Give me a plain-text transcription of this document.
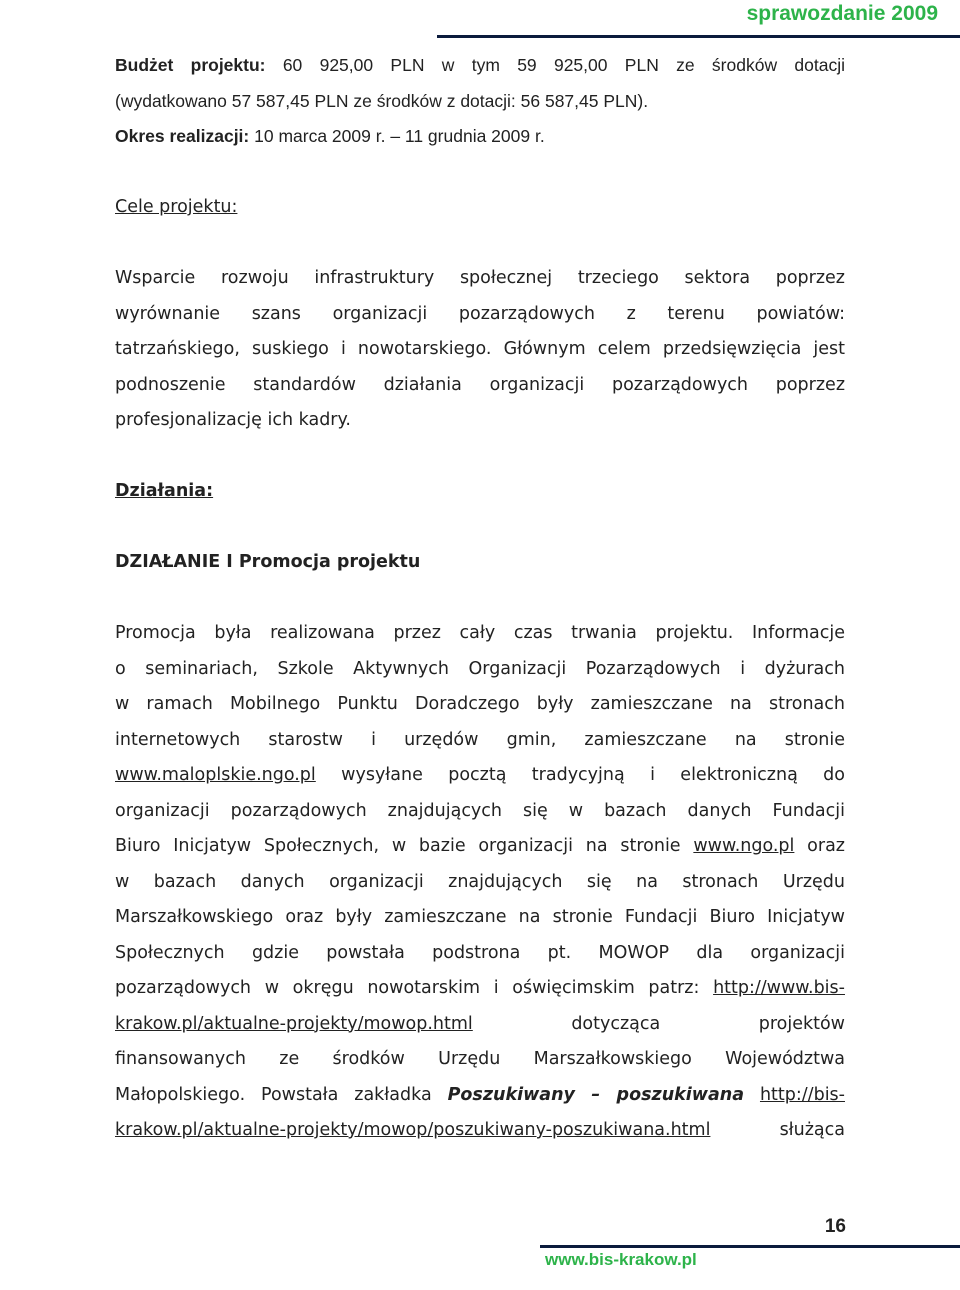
sprawozdanie 2009

Budżet projektu: 60 925,00 PLN w tym 59 925,00 PLN ze środków dotacji

(wydatkowano 57 587,45 PLN ze środków z dotacji: 56 587,45 PLN).

Okres realizacji: 10 marca 2009 r. – 11 grudnia 2009 r.

Cele projektu:

Wsparcie rozwoju infrastruktury społecznej trzeciego sektora poprzez

wyrównanie szans organizacji pozarządowych z terenu powiatów:

tatrzańskiego, suskiego i nowotarskiego. Głównym celem przedsięwzięcia jest

podnoszenie standardów działania organizacji pozarządowych poprzez

profesjonalizację ich kadry.

Działania:

DZIAŁANIE I Promocja projektu

Promocja była realizowana przez cały czas trwania projektu. Informacje

o seminariach, Szkole Aktywnych Organizacji Pozarządowych i dyżurach

w ramach Mobilnego Punktu Doradczego były zamieszczane na stronach

internetowych starostw i urzędów gmin, zamieszczane na stronie

www.maloplskie.ngo.pl wysyłane pocztą tradycyjną i elektroniczną do

organizacji pozarządowych znajdujących się w bazach danych Fundacji

Biuro Inicjatyw Społecznych, w bazie organizacji na stronie www.ngo.pl oraz

w bazach danych organizacji znajdujących się na stronach Urzędu

Marszałkowskiego oraz były zamieszczane na stronie Fundacji Biuro Inicjatyw

Społecznych gdzie powstała podstrona pt. MOWOP dla organizacji

pozarządowych w okręgu nowotarskim i oświęcimskim patrz: http://www.bis-

krakow.pl/aktualne-projekty/mowop.html	dotycząca projektów

finansowanych ze środków Urzędu Marszałkowskiego Województwa

Małopolskiego. Powstała zakładka Poszukiwany – poszukiwana http://bis-

krakow.pl/aktualne-projekty/mowop/poszukiwany-poszukiwana.html	służąca

16
www.bis-krakow.pl
